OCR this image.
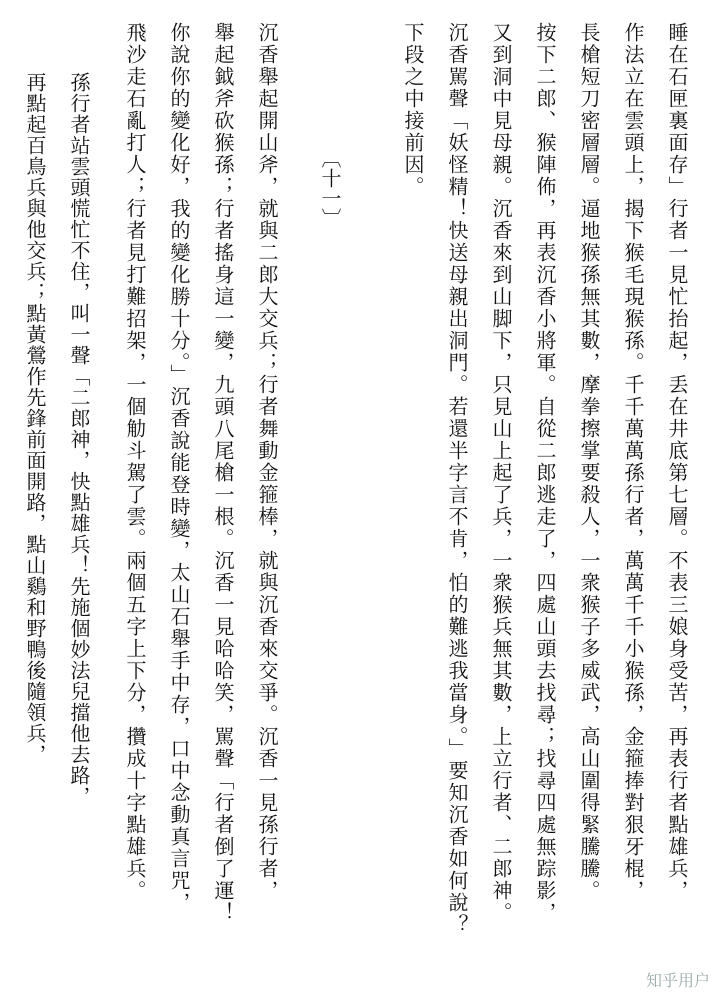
睡在石匣裏面存」行者一見忙抬起，丢在井底第七層。不表三娘身受苦，再表行者點雄兵，
作法立在雲頭上，揭下猴毛現猴孫。千千萬萬孫行者，萬萬千千小猴孫，金箍捧對狠牙棍，
長槍短刀密層層。逼地猴孫無其數，摩拳擦掌要殺人，一衆猴子多威武，高山圍得緊騰騰。
按下二郎、猴陣佈，再表沉香小將軍。自從二郎逃走了，四處山頭去找尋；找尋四處無踪影，
又到洞中見母親。沉香來到山脚下，只見山上起了兵，一衆猴兵無其數，上立行者、二郎神。
沉香駡聲「妖怪精！快送母親出洞門。若還半字言不肯，怕的難逃我當身。」要知沉香如何說？
下段之中接前因。
〔十一〕
沉香舉起開山斧，就與二郎大交兵；行者舞動金箍棒，就與沉香來交爭。沉香一見孫行者，
舉起鉞斧砍猴孫；行者搖身這一變，九頭八尾槍一根。沉香一見哈哈笑，駡聲「行者倒了運！
你說你的變化好，我的變化勝十分。」沉香說能登時變，太山石舉手中存，口中念動真言咒，
飛沙走石亂打人；行者見打難招架，一個觔斗駕了雲。兩個五字上下分，攢成十字點雄兵。
孫行者站雲頭慌忙不住，叫一聲「二郎神，快點雄兵！先施個妙法兒擋他去路，
再點起百鳥兵與他交兵；點黃鶯作先鋒前面開路，點山鷄和野鴨後隨領兵，
知乎用户
